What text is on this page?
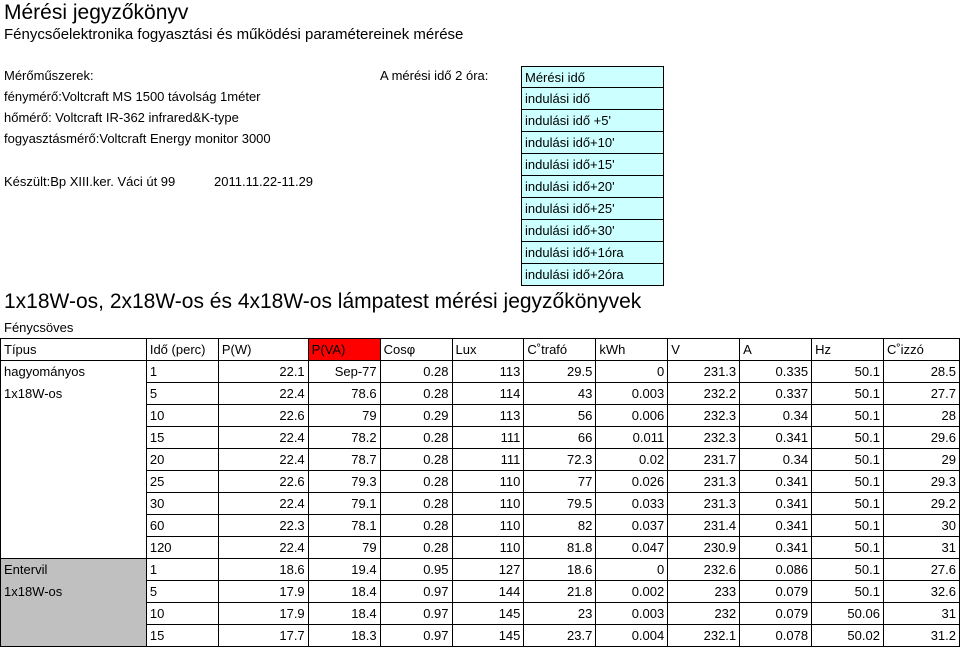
Mérési jegyzőkönyv
Fénycsőelektronika fogyasztási és működési paramétereinek mérése
Mérőműszerek:
fénymérő:Voltcraft MS 1500 távolság 1méter
hőmérő: Voltcraft IR-362 infrared&K-type
fogyasztásmérő:Voltcraft Energy monitor 3000
Készült:Bp XIII.ker. Váci út 99	2011.11.22-11.29
A mérési idő 2 óra:	Mérési idő
indulási idő
indulási idő +5'
indulási idő+10'
indulási idő+15'
indulási idő+20'
indulási idő+25'
indulási idő+30'
indulási idő+1óra
indulási idő+2óra
1x18W-os, 2x18W-os és 4x18W-os lámpatest mérési jegyzőkönyvek
Fénycsöves
Típus	Idő (perc)	P(W)	P(VA)	Cosφ	Lux	C˚trafó	kWh	V	A	Hz	C˚izzó
hagyományos	1	22.1	Sep-77	0.28	113	29.5	0	231.3	0.335	50.1	28.5
1x18W-os	5	22.4	78.6	0.28	114	43	0.003	232.2	0.337	50.1	27.7
	10	22.6	79	0.29	113	56	0.006	232.3	0.34	50.1	28
	15	22.4	78.2	0.28	111	66	0.011	232.3	0.341	50.1	29.6
	20	22.4	78.7	0.28	111	72.3	0.02	231.7	0.34	50.1	29
	25	22.6	79.3	0.28	110	77	0.026	231.3	0.341	50.1	29.3
	30	22.4	79.1	0.28	110	79.5	0.033	231.3	0.341	50.1	29.2
	60	22.3	78.1	0.28	110	82	0.037	231.4	0.341	50.1	30
	120	22.4	79	0.28	110	81.8	0.047	230.9	0.341	50.1	31
Entervil	1	18.6	19.4	0.95	127	18.6	0	232.6	0.086	50.1	27.6
1x18W-os	5	17.9	18.4	0.97	144	21.8	0.002	233	0.079	50.1	32.6
	10	17.9	18.4	0.97	145	23	0.003	232	0.079	50.06	31
	15	17.7	18.3	0.97	145	23.7	0.004	232.1	0.078	50.02	31.2
